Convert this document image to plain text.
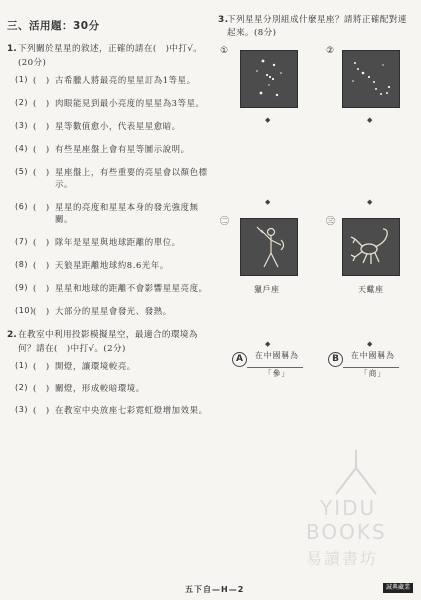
三、活用題：30分
1. 下列關於星星的敘述，正確的請在(　)中打√。(20分)
(1) (　) 古希臘人將最亮的星星訂為1等星。
(2) (　) 肉眼能見到最小亮度的星星為3等星。
(3) (　) 星等數值愈小，代表星星愈暗。
(4) (　) 有些星座盤上會有星等圖示說明。
(5) (　) 星座盤上，有些重要的亮星會以顏色標示。
(6) (　) 星星的亮度和星星本身的發光強度無關。
(7) (　) 隊年是星星與地球距離的單位。
(8) (　) 天狼星距離地球約8.6光年。
(9) (　) 星星和地球的距離不會影響星星亮度。
(10) (　) 大部分的星星會發光、發熱。
2. 在教室中利用投影模擬星空，最適合的環境為何？請在(　)中打√。(2分)
(1) (　) 開燈，讓環境較亮。
(2) (　) 關燈，形成較暗環境。
(3) (　) 在教室中央放座七彩霓虹燈增加效果。
3.
下列星星分別組成什麼星座？請將正確配對連起來。(8分)
①
◆
②
◆
◆
㊁
獵戶座
◆
㊂
天蠍座
◆
A	在中國稱為
「參」
◆
B	在中國稱為
「商」
YIDU
BOOKS
易讀書坊
五下自—H—2	誠典藏業
